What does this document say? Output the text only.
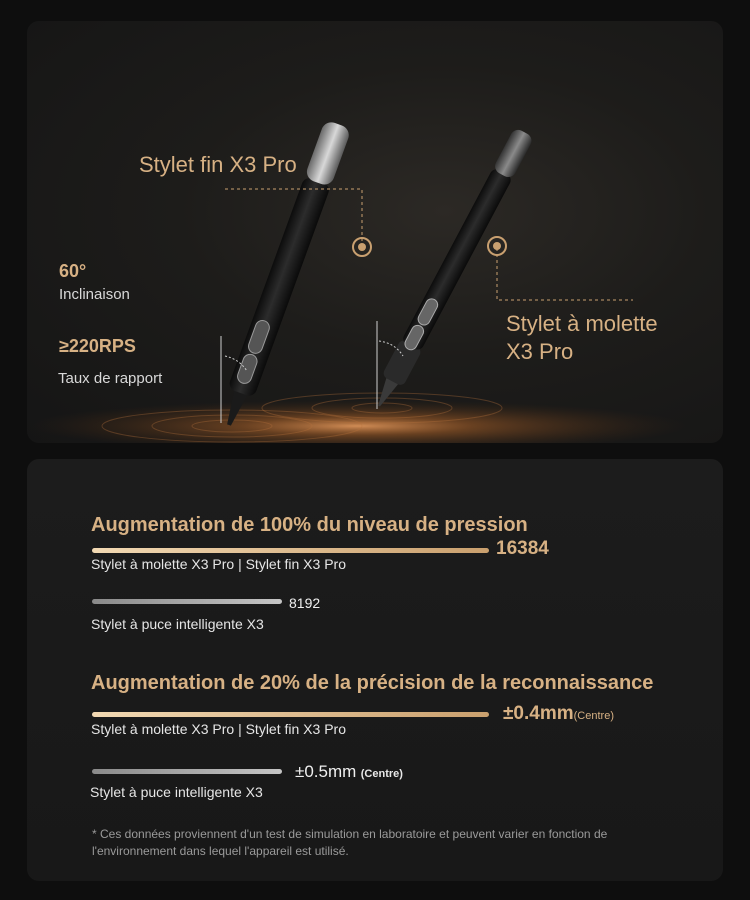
Stylet fin X3 Pro
Stylet à molette
X3 Pro
60°
Inclinaison
≥220RPS
Taux de rapport
Augmentation de 100% du niveau de pression
16384
Stylet à molette X3 Pro | Stylet fin X3 Pro
8192
Stylet à puce intelligente X3
Augmentation de 20% de la précision de la reconnaissance
±0.4mm(Centre)
Stylet à molette X3 Pro | Stylet fin X3 Pro
±0.5mm (Centre)
Stylet à puce intelligente X3
* Ces données proviennent d'un test de simulation en laboratoire et peuvent varier en fonction de l'environnement dans lequel l'appareil est utilisé.
